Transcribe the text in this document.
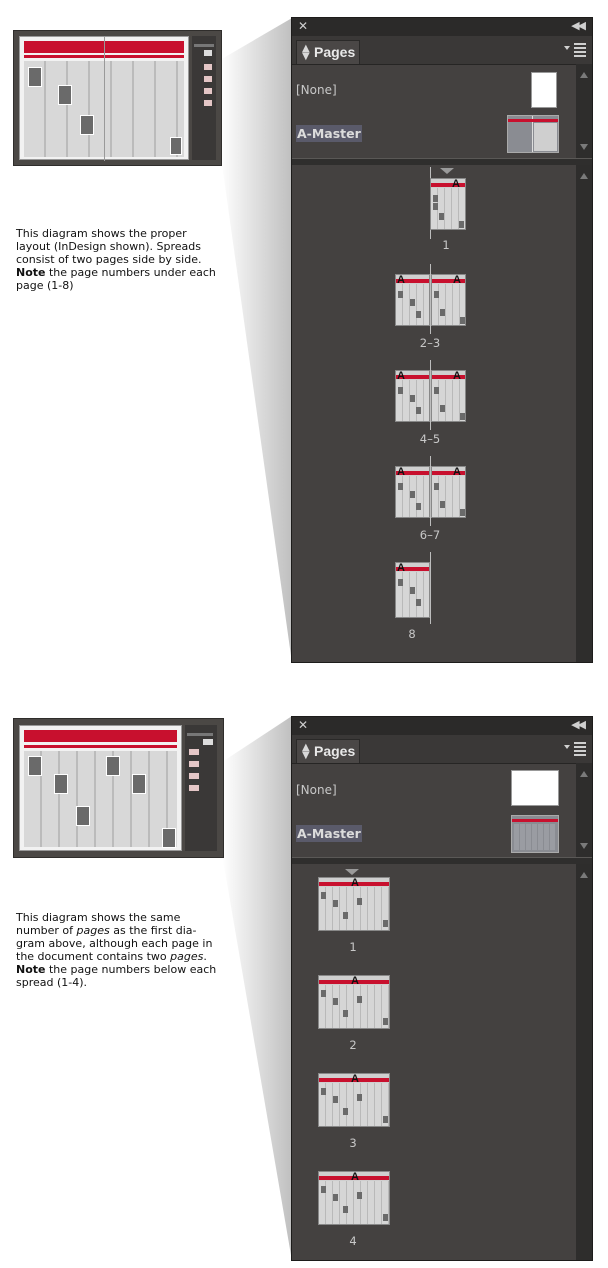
This diagram shows the proper
layout (InDesign shown). Spreads
consist of two pages side by side.
Note the page numbers under each
page (1-8)
✕	◀◀
▲
▼ Pages
[None]
A-Master
A
1
A	A
2–3
A	A
4–5
A	A
6–7
A
8
This diagram shows the same
number of pages as the first dia-
gram above, although each page in
the document contains two pages.
Note the page numbers below each
spread (1-4).
✕	◀◀
▲
▼ Pages
[None]
A-Master
A
1
A
2
A
3
A
4
